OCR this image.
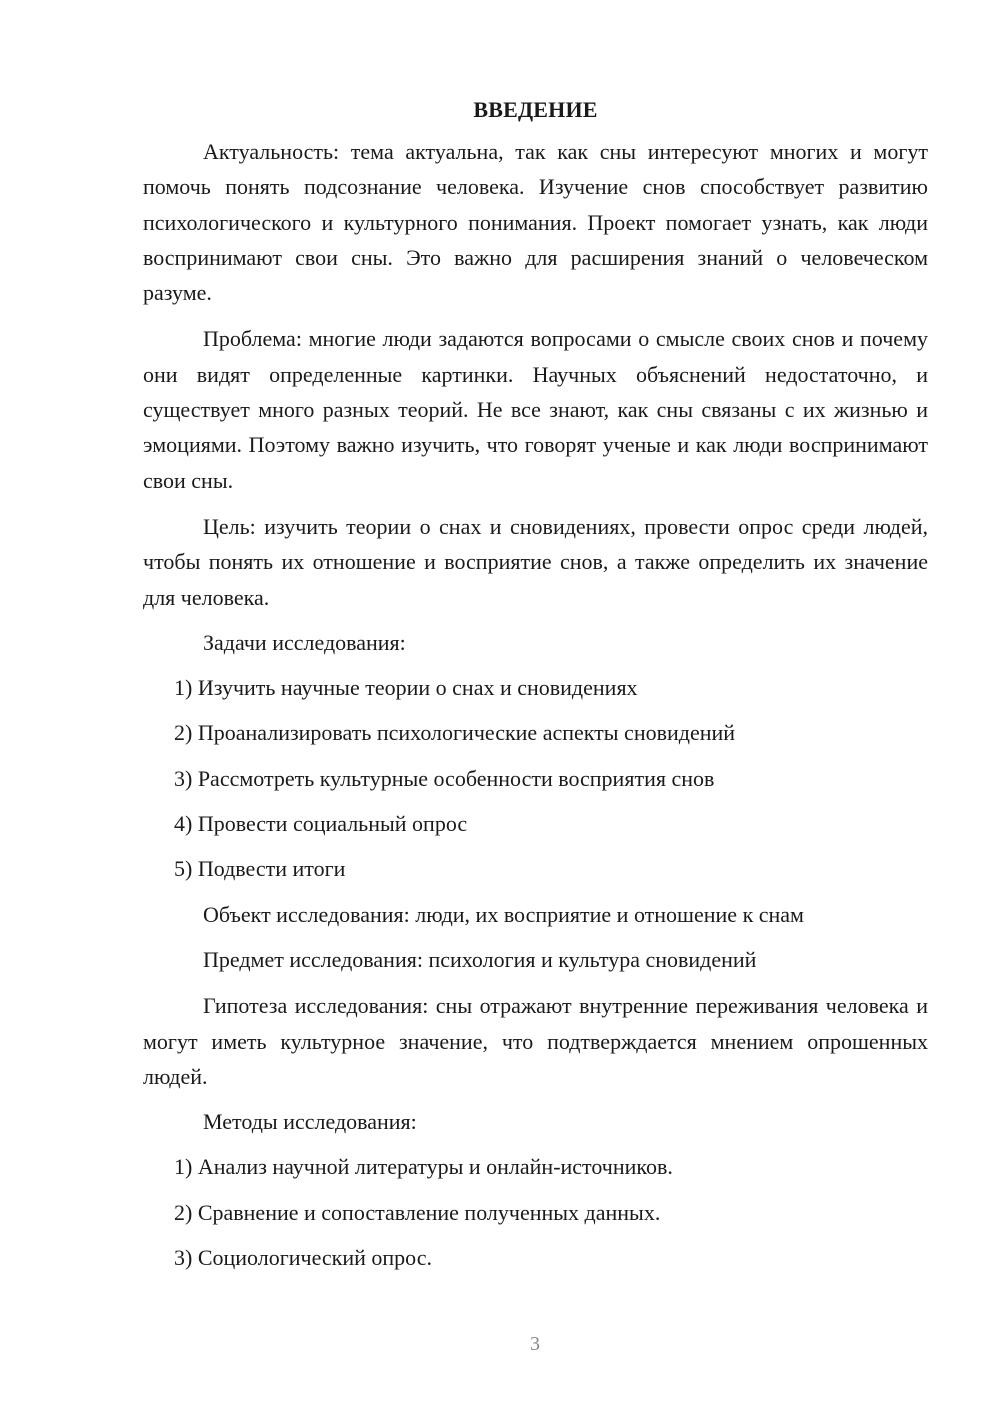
ВВЕДЕНИЕ

Актуальность: тема актуальна, так как сны интересуют многих и могут помочь понять подсознание человека. Изучение снов способствует развитию психологического и культурного понимания. Проект помогает узнать, как люди воспринимают свои сны. Это важно для расширения знаний о человеческом разуме.

Проблема: многие люди задаются вопросами о смысле своих снов и почему они видят определенные картинки. Научных объяснений недостаточно, и существует много разных теорий. Не все знают, как сны связаны с их жизнью и эмоциями. Поэтому важно изучить, что говорят ученые и как люди воспринимают свои сны.

Цель: изучить теории о снах и сновидениях, провести опрос среди людей, чтобы понять их отношение и восприятие снов, а также определить их значение для человека.

Задачи исследования:
1) Изучить научные теории о снах и сновидениях
2) Проанализировать психологические аспекты сновидений
3) Рассмотреть культурные особенности восприятия снов
4) Провести социальный опрос
5) Подвести итоги
Объект исследования: люди, их восприятие и отношение к снам
Предмет исследования: психология и культура сновидений

Гипотеза исследования: сны отражают внутренние переживания человека и могут иметь культурное значение, что подтверждается мнением опрошенных людей.

Методы исследования:
1) Анализ научной литературы и онлайн-источников.
2) Сравнение и сопоставление полученных данных.
3) Социологический опрос.
3
